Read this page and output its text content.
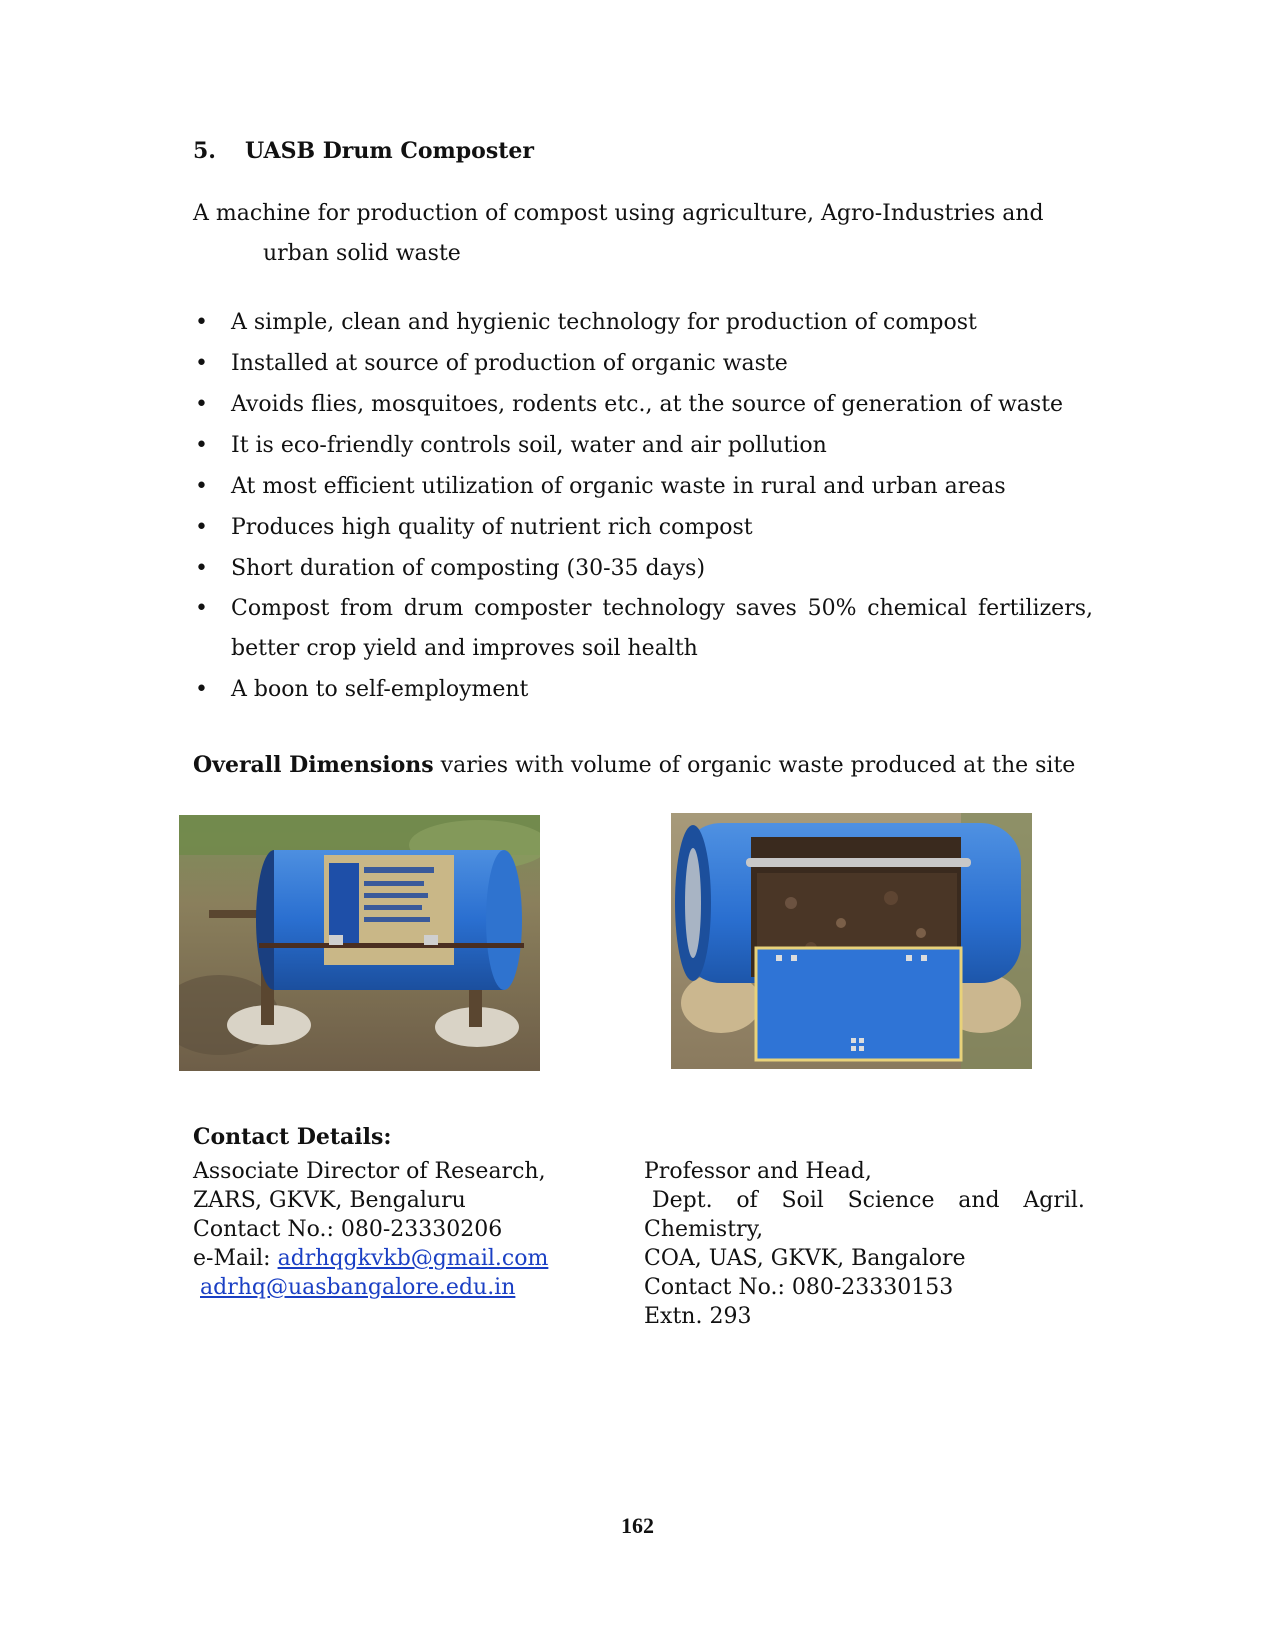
5. UASB Drum Composter
A machine for production of compost using agriculture, Agro-Industries and
urban solid waste
•	A simple, clean and hygienic technology for production of compost
•	Installed at source of production of organic waste
•	Avoids flies, mosquitoes, rodents etc., at the source of generation of waste
•	It is eco-friendly controls soil, water and air pollution
•	At most efficient utilization of organic waste in rural and urban areas
•	Produces high quality of nutrient rich compost
•	Short duration of composting (30-35 days)
•	Compost from drum composter technology saves 50% chemical fertilizers, better crop yield and improves soil health
•	A boon to self-employment
Overall Dimensions varies with volume of organic waste produced at the site
Contact Details:
Associate Director of Research,
ZARS, GKVK, Bengaluru
Contact No.: 080-23330206
e-Mail: adrhqgkvkb@gmail.com
adrhq@uasbangalore.edu.in
Professor and Head,
Dept. of Soil Science and Agril.
Chemistry,
COA, UAS, GKVK, Bangalore
Contact No.: 080-23330153
Extn. 293
162
